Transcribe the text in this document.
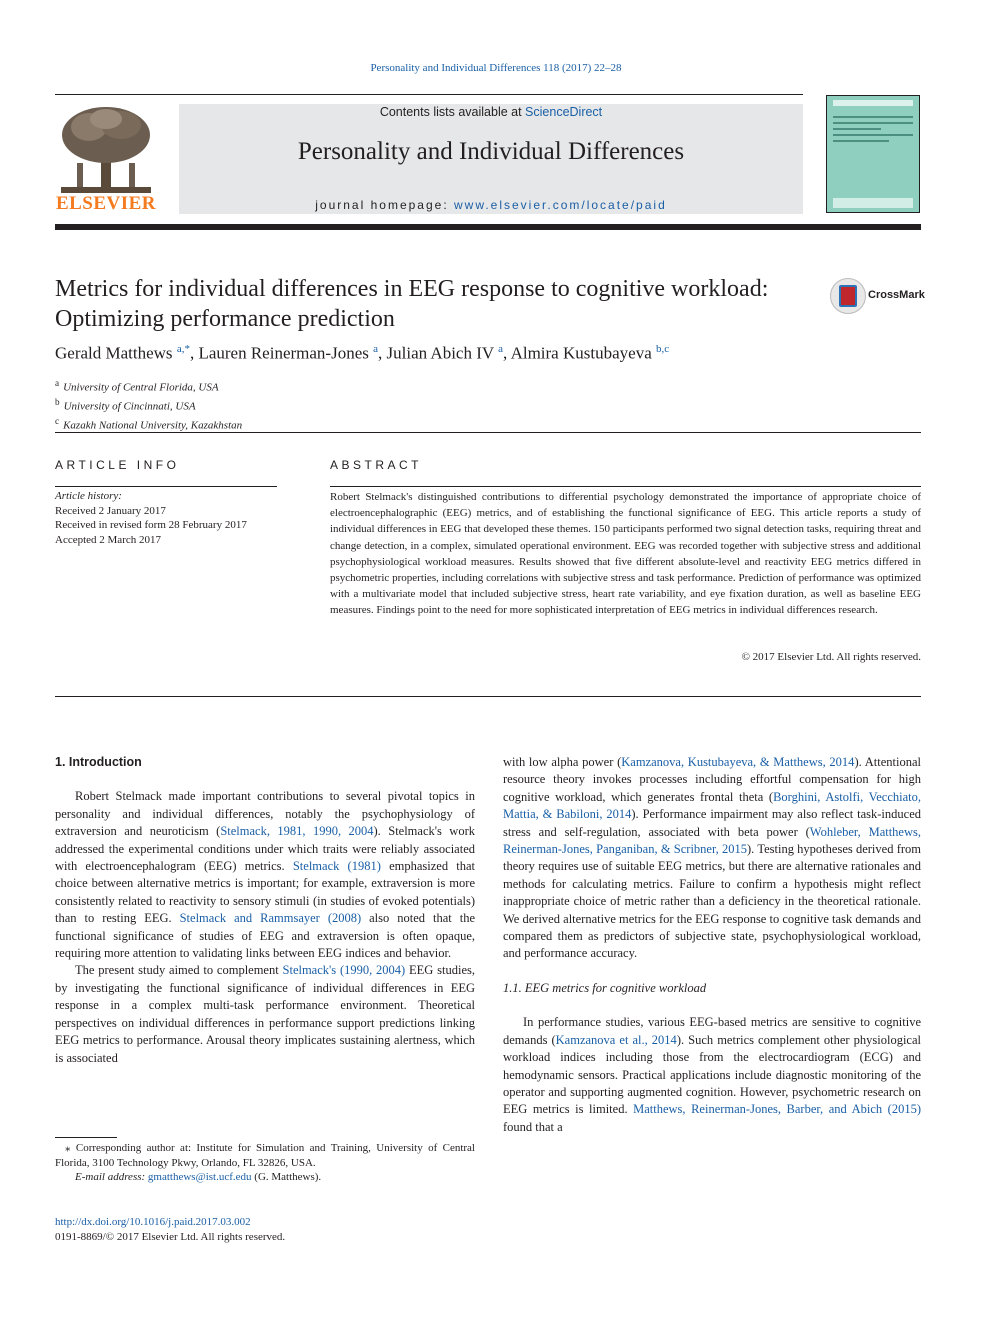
Personality and Individual Differences 118 (2017) 22–28
ELSEVIER
Contents lists available at ScienceDirect
Personality and Individual Differences
journal homepage: www.elsevier.com/locate/paid
Metrics for individual differences in EEG response to cognitive workload:
Optimizing performance prediction
CrossMark
Gerald Matthews $^{a,*}$, Lauren Reinerman-Jones $^a$, Julian Abich IV $^a$, Almira Kustubayeva $^{b,c}$
$^a$ University of Central Florida, USA
$^b$ University of Cincinnati, USA
$^c$ Kazakh National University, Kazakhstan
ARTICLE INFO
Article history:
Received 2 January 2017
Received in revised form 28 February 2017
Accepted 2 March 2017
ABSTRACT
Robert Stelmack's distinguished contributions to differential psychology demonstrated the importance of appropriate choice of electroencephalographic (EEG) metrics, and of establishing the functional significance of EEG. This article reports a study of individual differences in EEG that developed these themes. 150 participants performed two signal detection tasks, requiring threat and change detection, in a complex, simulated operational environment. EEG was recorded together with subjective stress and additional psychophysiological workload measures. Results showed that five different absolute-level and reactivity EEG metrics differed in psychometric properties, including correlations with subjective stress and task performance. Prediction of performance was optimized with a multivariate model that included subjective stress, heart rate variability, and eye fixation duration, as well as baseline EEG measures. Findings point to the need for more sophisticated interpretation of EEG metrics in individual differences research.
© 2017 Elsevier Ltd. All rights reserved.
1. Introduction
Robert Stelmack made important contributions to several pivotal topics in personality and individual differences, notably the psychophysiology of extraversion and neuroticism (Stelmack, 1981, 1990, 2004). Stelmack's work addressed the experimental conditions under which traits were reliably associated with electroencephalogram (EEG) metrics. Stelmack (1981) emphasized that choice between alternative metrics is important; for example, extraversion is more consistently related to reactivity to sensory stimuli (in studies of evoked potentials) than to resting EEG. Stelmack and Rammsayer (2008) also noted that the functional significance of studies of EEG and extraversion is often opaque, requiring more attention to validating links between EEG indices and behavior.
The present study aimed to complement Stelmack's (1990, 2004) EEG studies, by investigating the functional significance of individual differences in EEG response in a complex multi-task performance environment. Theoretical perspectives on individual differences in performance support predictions linking EEG metrics to performance. Arousal theory implicates sustaining alertness, which is associated
with low alpha power (Kamzanova, Kustubayeva, & Matthews, 2014). Attentional resource theory invokes processes including effortful compensation for high cognitive workload, which generates frontal theta (Borghini, Astolfi, Vecchiato, Mattia, & Babiloni, 2014). Performance impairment may also reflect task-induced stress and self-regulation, associated with beta power (Wohleber, Matthews, Reinerman-Jones, Panganiban, & Scribner, 2015). Testing hypotheses derived from theory requires use of suitable EEG metrics, but there are alternative rationales and methods for calculating metrics. Failure to confirm a hypothesis might reflect inappropriate choice of metric rather than a deficiency in the theoretical rationale. We derived alternative metrics for the EEG response to cognitive task demands and compared them as predictors of subjective state, psychophysiological workload, and performance accuracy.
1.1. EEG metrics for cognitive workload
In performance studies, various EEG-based metrics are sensitive to cognitive demands (Kamzanova et al., 2014). Such metrics complement other physiological workload indices including those from the electrocardiogram (ECG) and hemodynamic sensors. Practical applications include diagnostic monitoring of the operator and supporting augmented cognition. However, psychometric research on EEG metrics is limited. Matthews, Reinerman-Jones, Barber, and Abich (2015) found that a
⁎ Corresponding author at: Institute for Simulation and Training, University of Central Florida, 3100 Technology Pkwy, Orlando, FL 32826, USA.
E-mail address: gmatthews@ist.ucf.edu (G. Matthews).
http://dx.doi.org/10.1016/j.paid.2017.03.002
0191-8869/© 2017 Elsevier Ltd. All rights reserved.
